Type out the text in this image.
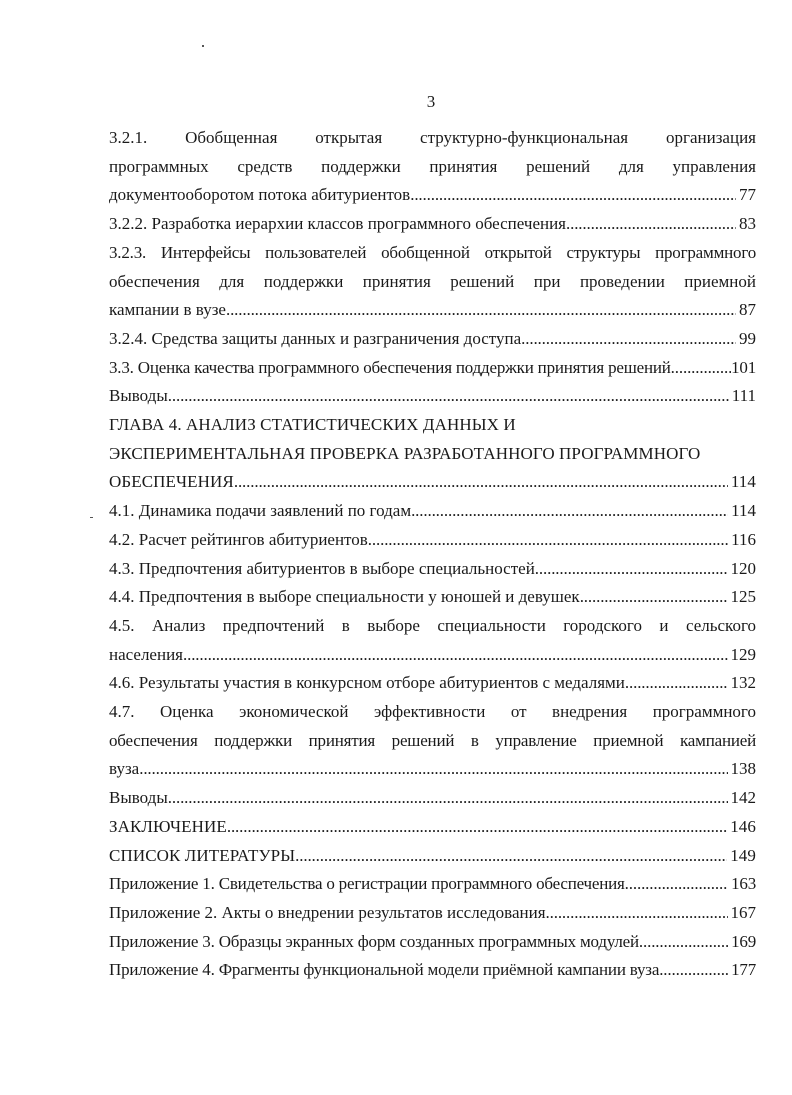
3
3.2.1. Обобщенная открытая структурно-функциональная организация
программных средств поддержки принятия решений для управления
документооборотом потока абитуриентов . . .	77
3.2.2. Разработка иерархии классов программного обеспечения . . .	83
3.2.3. Интерфейсы пользователей обобщенной открытой структуры программного
обеспечения для поддержки принятия решений при проведении приемной
кампании в вузе . . .	87
3.2.4. Средства защиты данных и разграничения доступа . . .	99
3.3. Оценка качества программного обеспечения поддержки принятия решений . . .	101
Выводы . . .	111
ГЛАВА 4. АНАЛИЗ СТАТИСТИЧЕСКИХ ДАННЫХ И
ЭКСПЕРИМЕНТАЛЬНАЯ ПРОВЕРКА РАЗРАБОТАННОГО ПРОГРАММНОГО
ОБЕСПЕЧЕНИЯ . . .	114
4.1. Динамика подачи заявлений по годам . . .	114
4.2. Расчет рейтингов абитуриентов . . .	116
4.3. Предпочтения абитуриентов в выборе специальностей . . .	120
4.4. Предпочтения в выборе специальности у юношей и девушек . . .	125
4.5. Анализ предпочтений в выборе специальности городского и сельского
населения . . .	129
4.6. Результаты участия в конкурсном отборе абитуриентов с медалями . . .	132
4.7. Оценка экономической эффективности от внедрения программного
обеспечения поддержки принятия решений в управление приемной кампанией
вуза . . .	138
Выводы . . .	142
ЗАКЛЮЧЕНИЕ . . .	146
СПИСОК ЛИТЕРАТУРЫ . . .	149
Приложение 1. Свидетельства о регистрации программного обеспечения . . .	163
Приложение 2. Акты о внедрении результатов исследования . . .	167
Приложение 3. Образцы экранных форм созданных программных модулей . . .	169
Приложение 4. Фрагменты функциональной модели приёмной кампании вуза . . .	177
